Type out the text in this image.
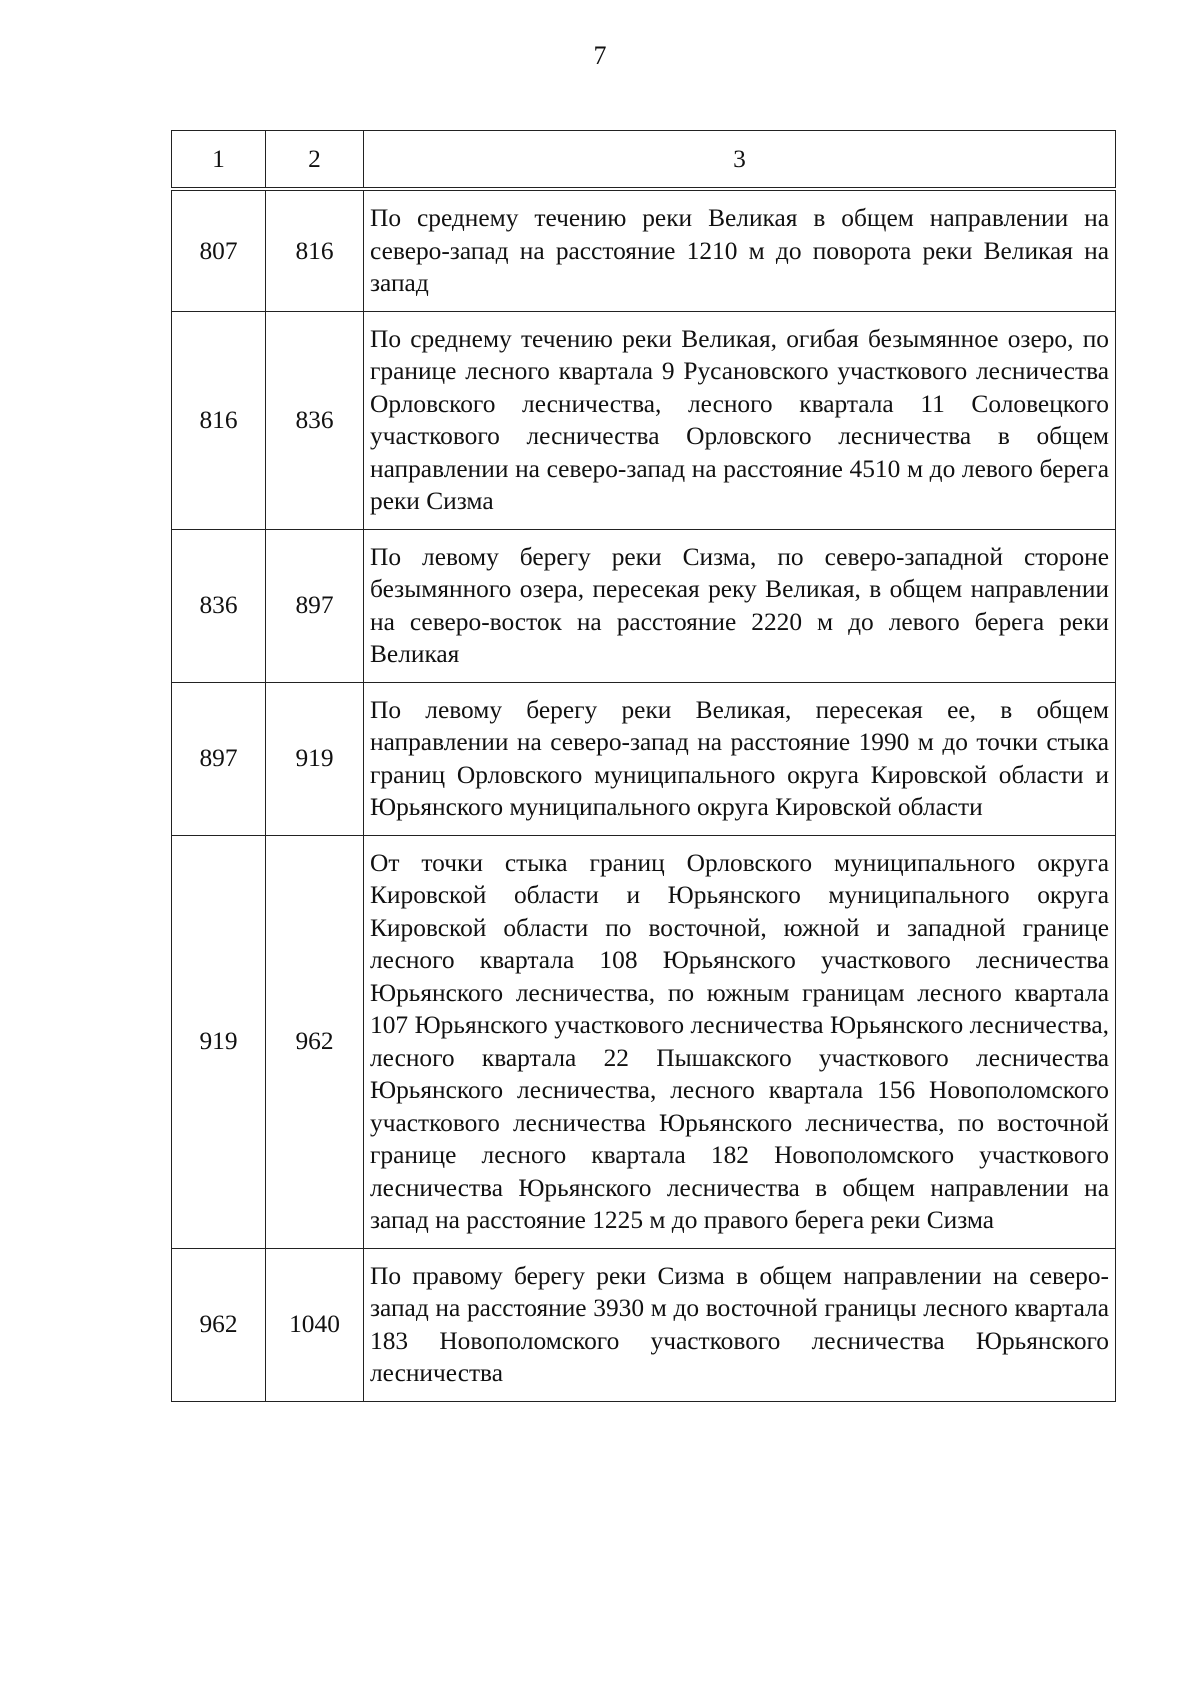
7
1	2	3
807	816	По среднему течению реки Великая в общем направлении на северо-запад на расстояние 1210 м до поворота реки Великая на запад
816	836	По среднему течению реки Великая, огибая безымянное озеро, по границе лесного квартала 9 Русановского участкового лесничества Орловского лесничества, лесного квартала 11 Соловецкого участкового лесничества Орловского лесничества в общем направлении на северо-запад на расстояние 4510 м до левого берега реки Сизма
836	897	По левому берегу реки Сизма, по северо-западной стороне безымянного озера, пересекая реку Великая, в общем направлении на северо-восток на расстояние 2220 м до левого берега реки Великая
897	919	По левому берегу реки Великая, пересекая ее, в общем направлении на северо-запад на расстояние 1990 м до точки стыка границ Орловского муниципального округа Кировской области и Юрьянского муниципального округа Кировской области
919	962	От точки стыка границ Орловского муниципального округа Кировской области и Юрьянского муниципального округа Кировской области по восточной, южной и западной границе лесного квартала 108 Юрьянского участкового лесничества Юрьянского лесничества, по южным границам лесного квартала 107 Юрьянского участкового лесничества Юрьянского лесничества, лесного квартала 22 Пышакского участкового лесничества Юрьянского лесничества, лесного квартала 156 Новополомского участкового лесничества Юрьянского лесничества, по восточной границе лесного квартала 182 Новополомского участкового лесничества Юрьянского лесничества в общем направлении на запад на расстояние 1225 м до правого берега реки Сизма
962	1040	По правому берегу реки Сизма в общем направлении на северо-запад на расстояние 3930 м до восточной границы лесного квартала 183 Новополомского участкового лесничества Юрьянского лесничества
